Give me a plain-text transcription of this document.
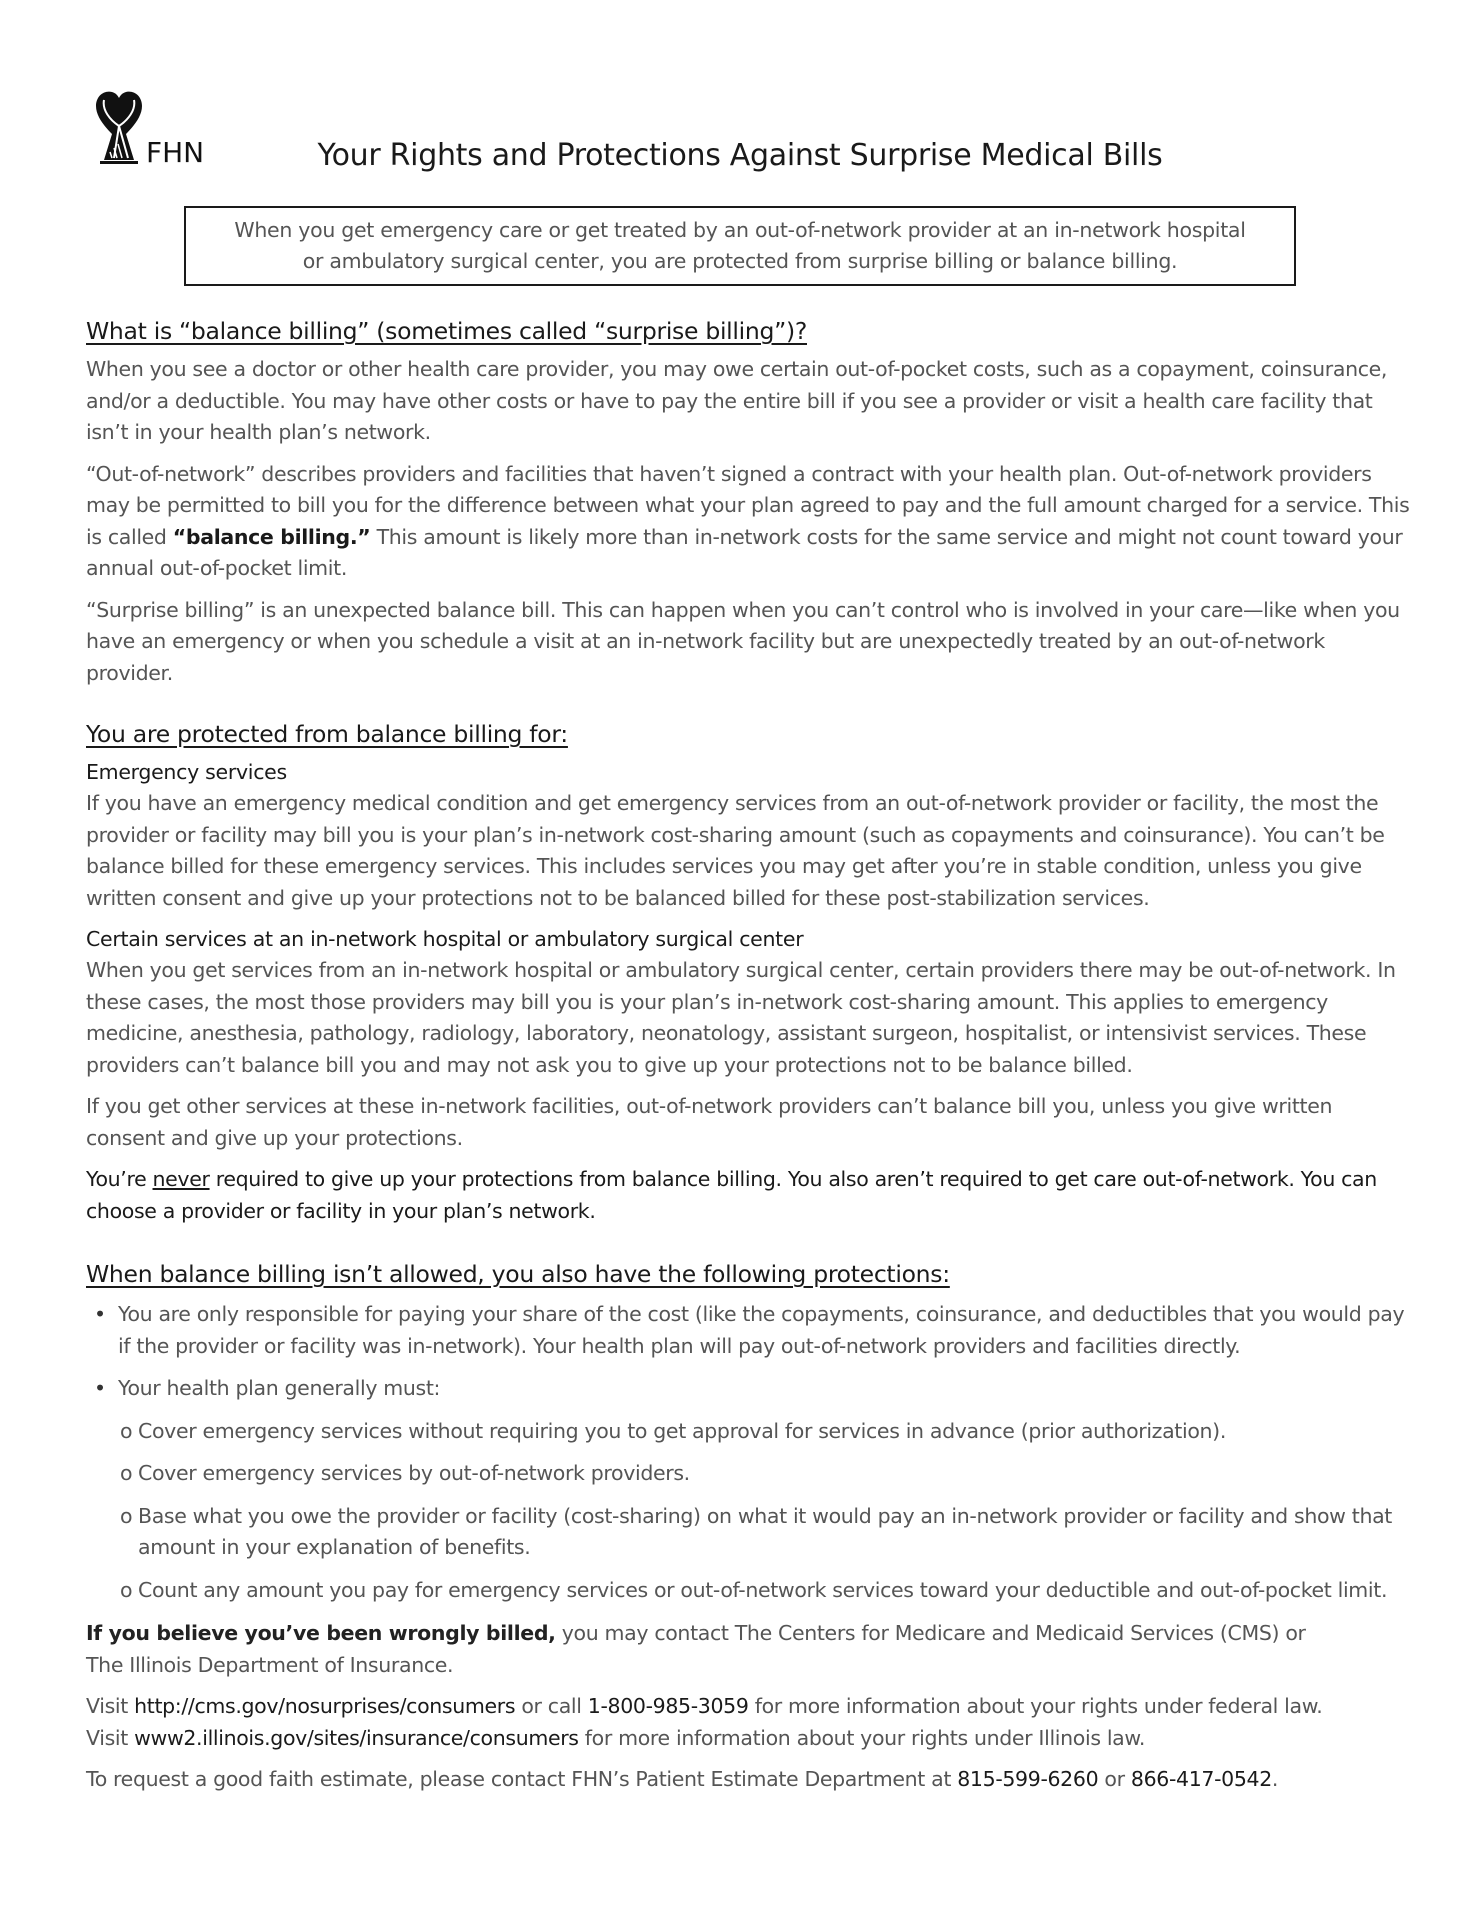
FHN	Your Rights and Protections Against Surprise Medical Bills
When you get emergency care or get treated by an out-of-network provider at an in-network hospital
or ambulatory surgical center, you are protected from surprise billing or balance billing.
What is “balance billing” (sometimes called “surprise billing”)?

When you see a doctor or other health care provider, you may owe certain out-of-pocket costs, such as a copayment, coinsurance, and/or a deductible. You may have other costs or have to pay the entire bill if you see a provider or visit a health care facility that isn’t in your health plan’s network.

“Out-of-network” describes providers and facilities that haven’t signed a contract with your health plan. Out-of-network providers may be permitted to bill you for the difference between what your plan agreed to pay and the full amount charged for a service. This is called “balance billing.” This amount is likely more than in-network costs for the same service and might not count toward your annual out-of-pocket limit.

“Surprise billing” is an unexpected balance bill. This can happen when you can’t control who is involved in your care—like when you have an emergency or when you schedule a visit at an in-network facility but are unexpectedly treated by an out-of-network provider.

You are protected from balance billing for:
Emergency services

If you have an emergency medical condition and get emergency services from an out-of-network provider or facility, the most the provider or facility may bill you is your plan’s in-network cost-sharing amount (such as copayments and coinsurance). You can’t be balance billed for these emergency services. This includes services you may get after you’re in stable condition, unless you give written consent and give up your protections not to be balanced billed for these post-stabilization services.

Certain services at an in-network hospital or ambulatory surgical center

When you get services from an in-network hospital or ambulatory surgical center, certain providers there may be out-of-network. In these cases, the most those providers may bill you is your plan’s in-network cost-sharing amount. This applies to emergency medicine, anesthesia, pathology, radiology, laboratory, neonatology, assistant surgeon, hospitalist, or intensivist services. These providers can’t balance bill you and may not ask you to give up your protections not to be balance billed.

If you get other services at these in-network facilities, out-of-network providers can’t balance bill you, unless you give written consent and give up your protections.

You’re never required to give up your protections from balance billing. You also aren’t required to get care out-of-network. You can choose a provider or facility in your plan’s network.

When balance billing isn’t allowed, you also have the following protections:
• You are only responsible for paying your share of the cost (like the copayments, coinsurance, and deductibles that you would pay if the provider or facility was in-network). Your health plan will pay out-of-network providers and facilities directly.
• Your health plan generally must:
o Cover emergency services without requiring you to get approval for services in advance (prior authorization).
o Cover emergency services by out-of-network providers.
o Base what you owe the provider or facility (cost-sharing) on what it would pay an in-network provider or facility and show that amount in your explanation of benefits.
o Count any amount you pay for emergency services or out-of-network services toward your deductible and out-of-pocket limit.

If you believe you’ve been wrongly billed, you may contact The Centers for Medicare and Medicaid Services (CMS) or
The Illinois Department of Insurance.

Visit http://cms.gov/nosurprises/consumers or call 1-800-985-3059 for more information about your rights under federal law.
Visit www2.illinois.gov/sites/insurance/consumers for more information about your rights under Illinois law.

To request a good faith estimate, please contact FHN’s Patient Estimate Department at 815-599-6260 or 866-417-0542.
